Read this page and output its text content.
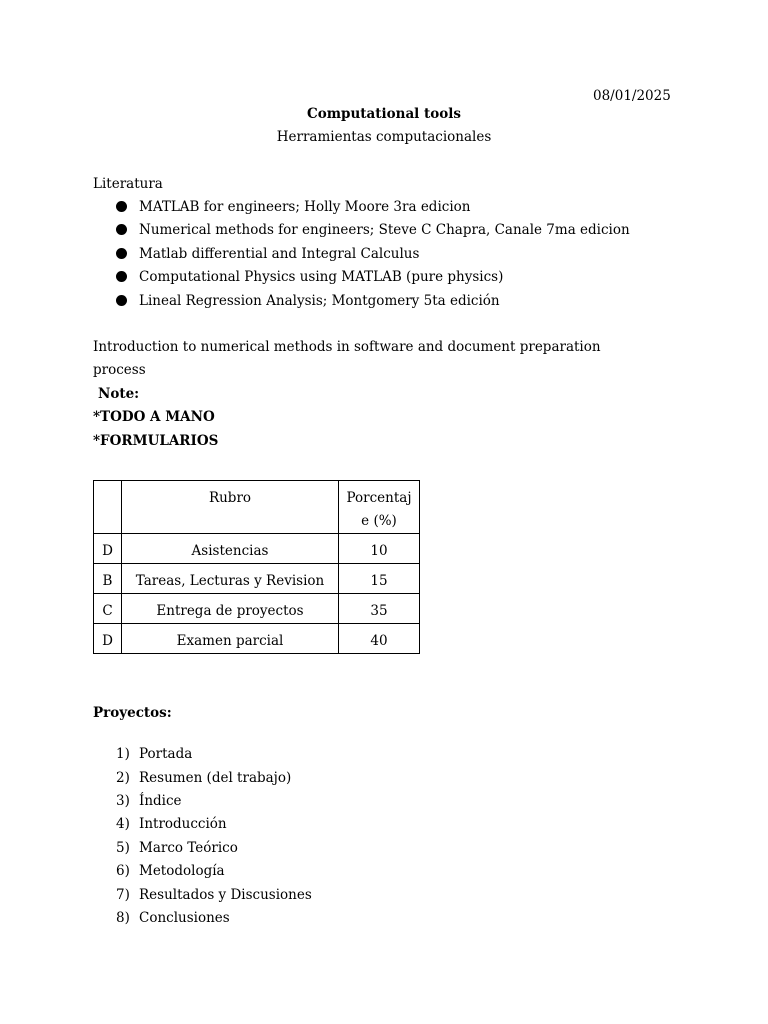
08/01/2025
Computational tools
Herramientas computacionales
Literatura
MATLAB for engineers; Holly Moore 3ra edicion
Numerical methods for engineers; Steve C Chapra, Canale 7ma edicion
Matlab differential and Integral Calculus
Computational Physics using MATLAB (pure physics)
Lineal Regression Analysis; Montgomery 5ta edición
Introduction to numerical methods in software and document preparation
process
Note:
*TODO A MANO
*FORMULARIOS
	Rubro	Porcentaj
e (%)
D	Asistencias	10
B	Tareas, Lecturas y Revision	15
C	Entrega de proyectos	35
D	Examen parcial	40
Proyectos:
1) Portada
2) Resumen (del trabajo)
3) Índice
4) Introducción
5) Marco Teórico
6) Metodología
7) Resultados y Discusiones
8) Conclusiones
